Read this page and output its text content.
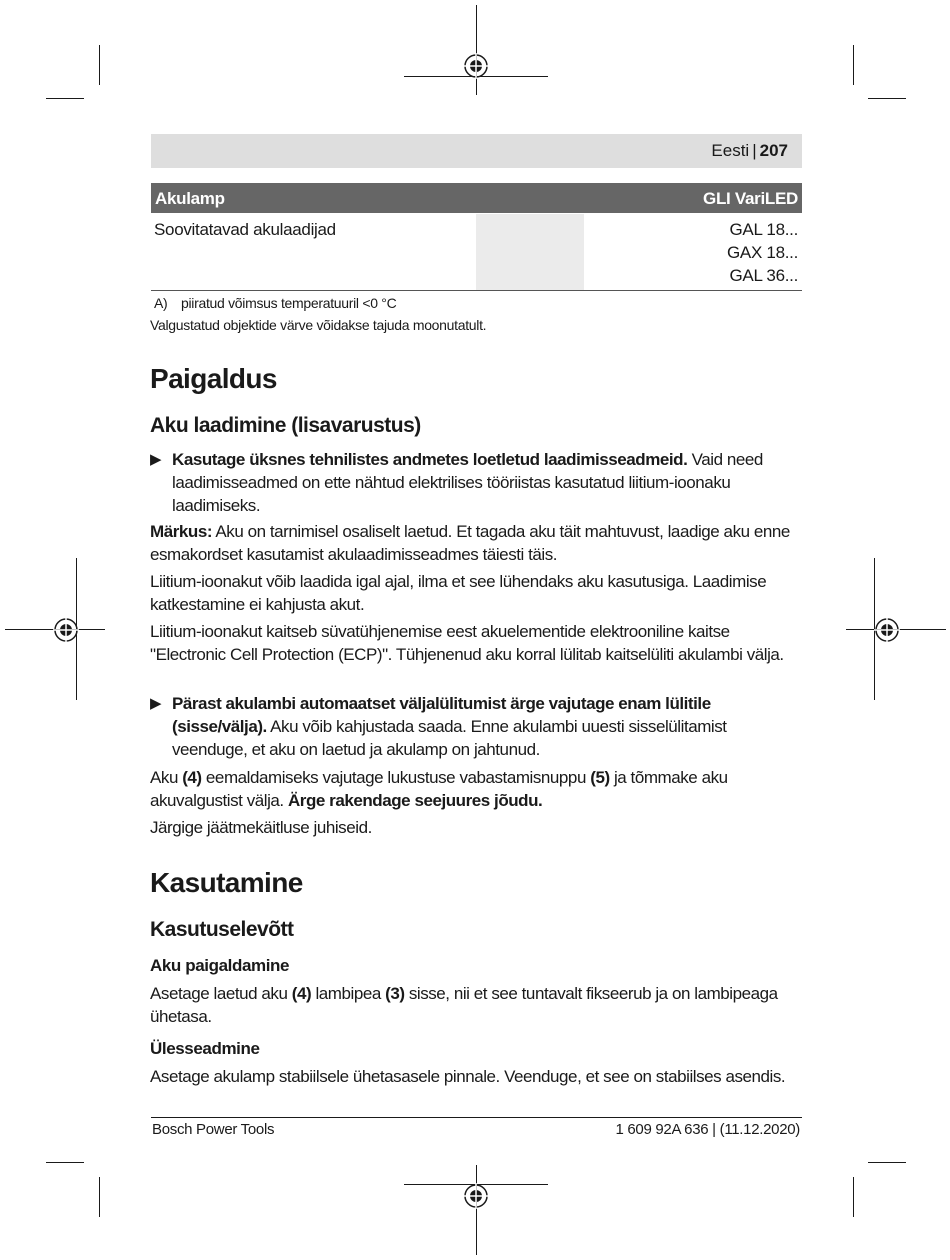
Eesti | 207
Akulamp	GLI VariLED
Soovitatavad akulaadijad	GAL 18...
GAX 18...
GAL 36...
A) piiratud võimsus temperatuuril <0 °C
Valgustatud objektide värve võidakse tajuda moonutatult.
Paigaldus
Aku laadimine (lisavarustus)
▶ Kasutage üksnes tehnilistes andmetes loetletud laadimisseadmeid. Vaid need laadimisseadmed on ette nähtud elektrilises tööriistas kasutatud liitium-ioonaku laadimiseks.

Märkus: Aku on tarnimisel osaliselt laetud. Et tagada aku täit mahtuvust, laadige aku enne esmakordset kasutamist akulaadimisseadmes täiesti täis.

Liitium-ioonakut võib laadida igal ajal, ilma et see lühendaks aku kasutusiga. Laadimise katkestamine ei kahjusta akut.

Liitium-ioonakut kaitseb süvatühjenemise eest akuelementide elektrooniline kaitse "Electronic Cell Protection (ECP)". Tühjenenud aku korral lülitab kaitselüliti akulambi välja.

▶ Pärast akulambi automaatset väljalülitumist ärge vajutage enam lülitile (sisse/välja). Aku võib kahjustada saada. Enne akulambi uuesti sisselülitamist veenduge, et aku on laetud ja akulamp on jahtunud.

Aku (4) eemaldamiseks vajutage lukustuse vabastamisnuppu (5) ja tõmmake aku akuvalgustist välja. Ärge rakendage seejuures jõudu.

Järgige jäätmekäitluse juhiseid.

Kasutamine
Kasutuselevõtt
Aku paigaldamine

Asetage laetud aku (4) lambipea (3) sisse, nii et see tuntavalt fikseerub ja on lambipeaga ühetasa.

Ülesseadmine

Asetage akulamp stabiilsele ühetasasele pinnale. Veenduge, et see on stabiilses asendis.

Bosch Power Tools	1 609 92A 636 | (11.12.2020)
